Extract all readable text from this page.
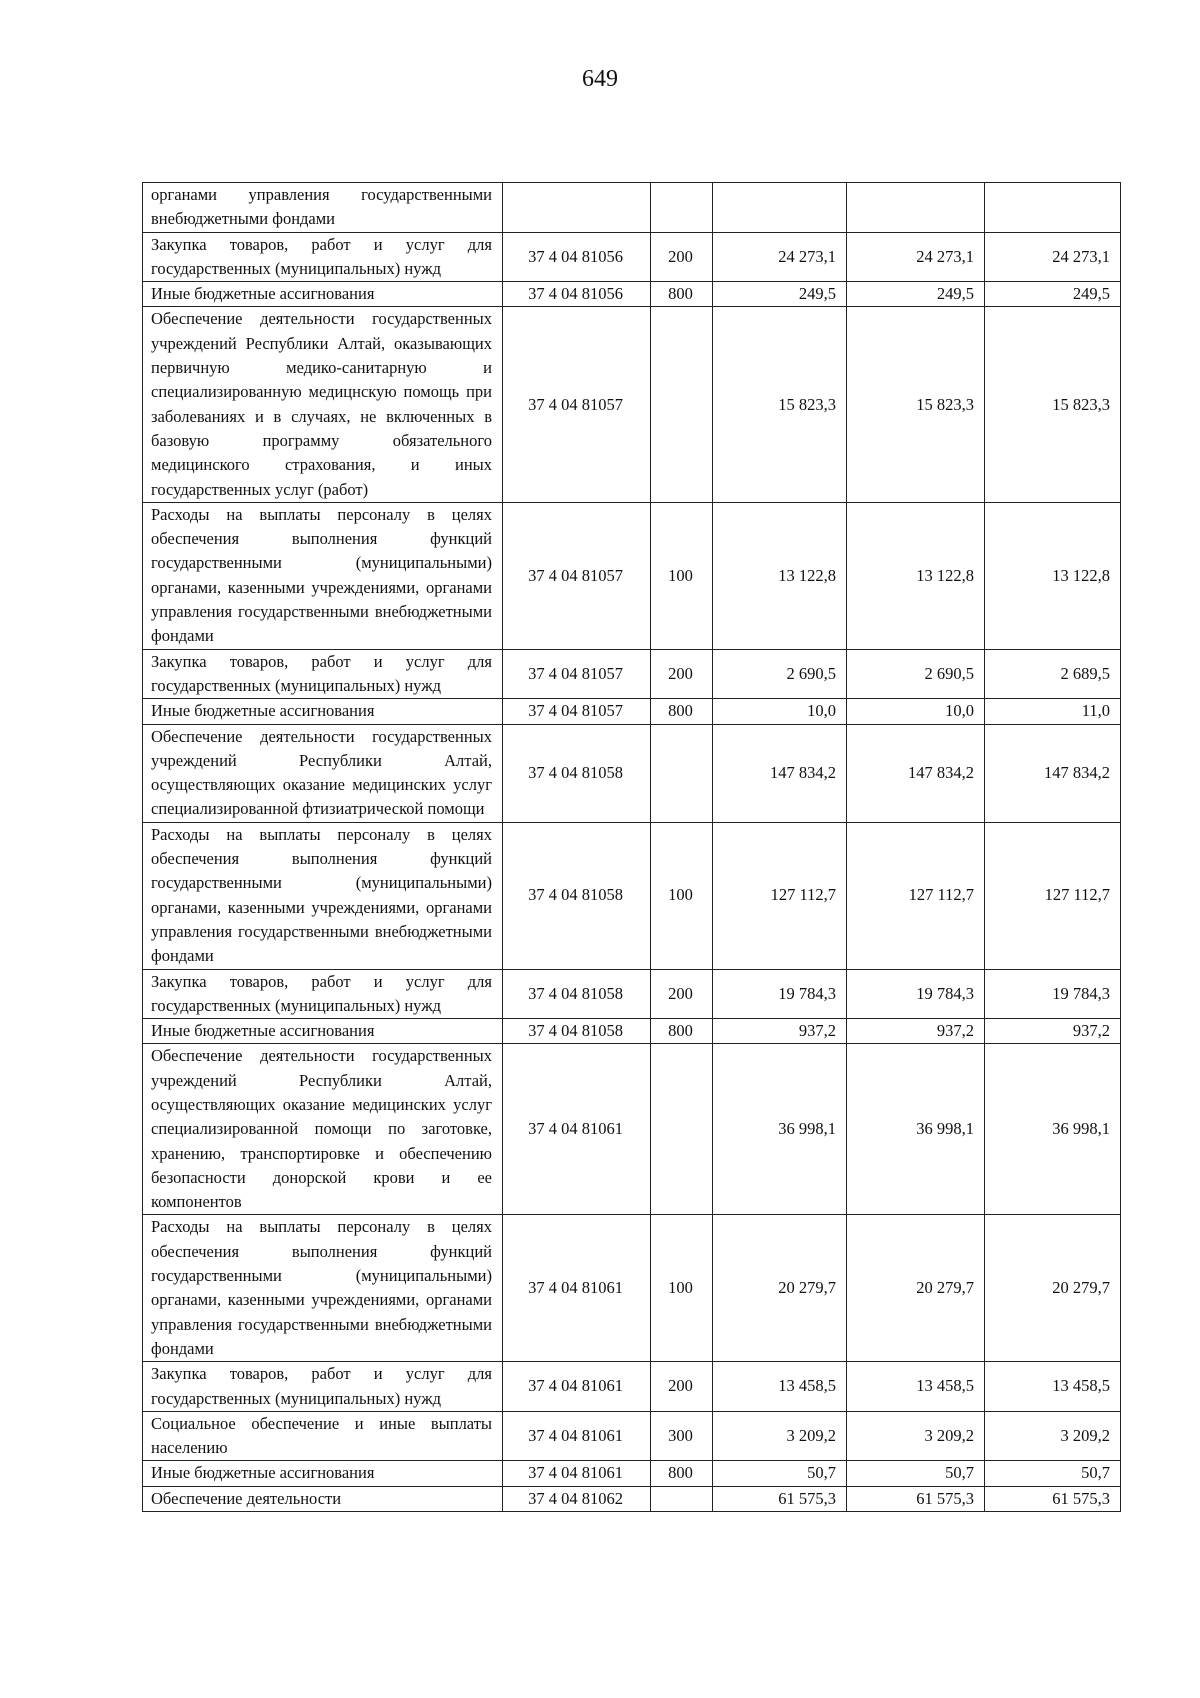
649
органами управления государственными внебюджетными фондами					
Закупка товаров, работ и услуг для государственных (муниципальных) нужд	37 4 04 81056	200	24 273,1	24 273,1	24 273,1
Иные бюджетные ассигнования	37 4 04 81056	800	249,5	249,5	249,5
Обеспечение деятельности государственных учреждений Республики Алтай, оказывающих первичную медико-санитарную и специализированную медицнскую помощь при заболеваниях и в случаях, не включенных в базовую программу обязательного медицинского страхования, и иных государственных услуг (работ)	37 4 04 81057		15 823,3	15 823,3	15 823,3
Расходы на выплаты персоналу в целях обеспечения выполнения функций государственными (муниципальными) органами, казенными учреждениями, органами управления государственными внебюджетными фондами	37 4 04 81057	100	13 122,8	13 122,8	13 122,8
Закупка товаров, работ и услуг для государственных (муниципальных) нужд	37 4 04 81057	200	2 690,5	2 690,5	2 689,5
Иные бюджетные ассигнования	37 4 04 81057	800	10,0	10,0	11,0
Обеспечение деятельности государственных учреждений Республики Алтай, осуществляющих оказание медицинских услуг специализированной фтизиатрической помощи	37 4 04 81058		147 834,2	147 834,2	147 834,2
Расходы на выплаты персоналу в целях обеспечения выполнения функций государственными (муниципальными) органами, казенными учреждениями, органами управления государственными внебюджетными фондами	37 4 04 81058	100	127 112,7	127 112,7	127 112,7
Закупка товаров, работ и услуг для государственных (муниципальных) нужд	37 4 04 81058	200	19 784,3	19 784,3	19 784,3
Иные бюджетные ассигнования	37 4 04 81058	800	937,2	937,2	937,2
Обеспечение деятельности государственных учреждений Республики Алтай, осуществляющих оказание медицинских услуг специализированной помощи по заготовке, хранению, транспортировке и обеспечению безопасности донорской крови и ее компонентов	37 4 04 81061		36 998,1	36 998,1	36 998,1
Расходы на выплаты персоналу в целях обеспечения выполнения функций государственными (муниципальными) органами, казенными учреждениями, органами управления государственными внебюджетными фондами	37 4 04 81061	100	20 279,7	20 279,7	20 279,7
Закупка товаров, работ и услуг для государственных (муниципальных) нужд	37 4 04 81061	200	13 458,5	13 458,5	13 458,5
Социальное обеспечение и иные выплаты населению	37 4 04 81061	300	3 209,2	3 209,2	3 209,2
Иные бюджетные ассигнования	37 4 04 81061	800	50,7	50,7	50,7
Обеспечение деятельности	37 4 04 81062		61 575,3	61 575,3	61 575,3
